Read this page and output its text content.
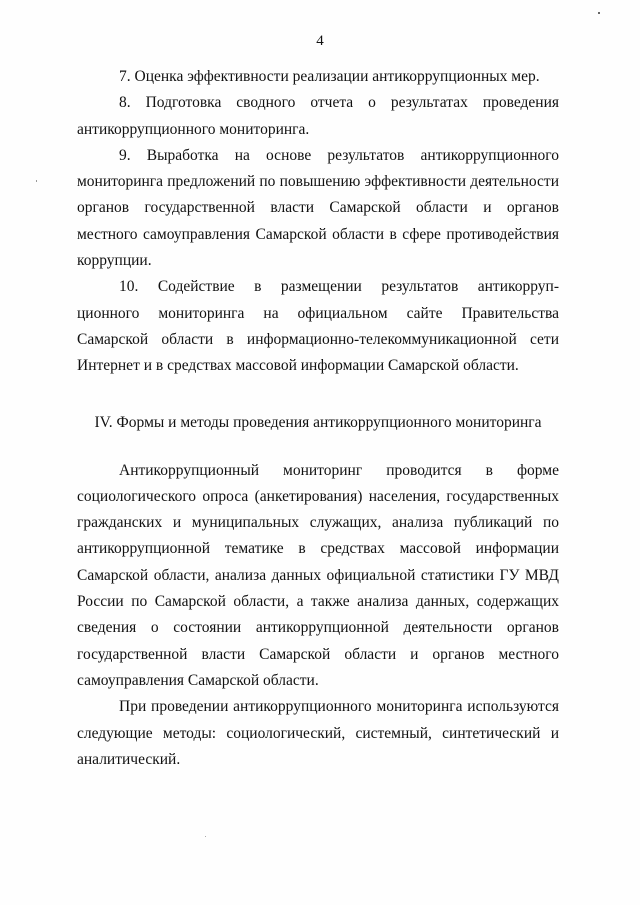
4
7. Оценка эффективности реализации антикоррупционных мер.
8. Подготовка сводного отчета о результатах проведения
антикоррупционного мониторинга.
9. Выработка на основе результатов антикоррупционного
мониторинга предложений по повышению эффективности деятельности
органов государственной власти Самарской области и органов
местного самоуправления Самарской области в сфере противодействия
коррупции.
10. Содействие в размещении результатов антикорруп-
ционного мониторинга на официальном сайте Правительства
Самарской области в информационно-телекоммуникационной сети
Интернет и в средствах массовой информации Самарской области.
IV. Формы и методы проведения антикоррупционного мониторинга
Антикоррупционный мониторинг проводится в форме
социологического опроса (анкетирования) населения, государственных
гражданских и муниципальных служащих, анализа публикаций по
антикоррупционной тематике в средствах массовой информации
Самарской области, анализа данных официальной статистики ГУ МВД
России по Самарской области, а также анализа данных, содержащих
сведения о состоянии антикоррупционной деятельности органов
государственной власти Самарской области и органов местного
самоуправления Самарской области.
При проведении антикоррупционного мониторинга используются
следующие методы: социологический, системный, синтетический и
аналитический.
